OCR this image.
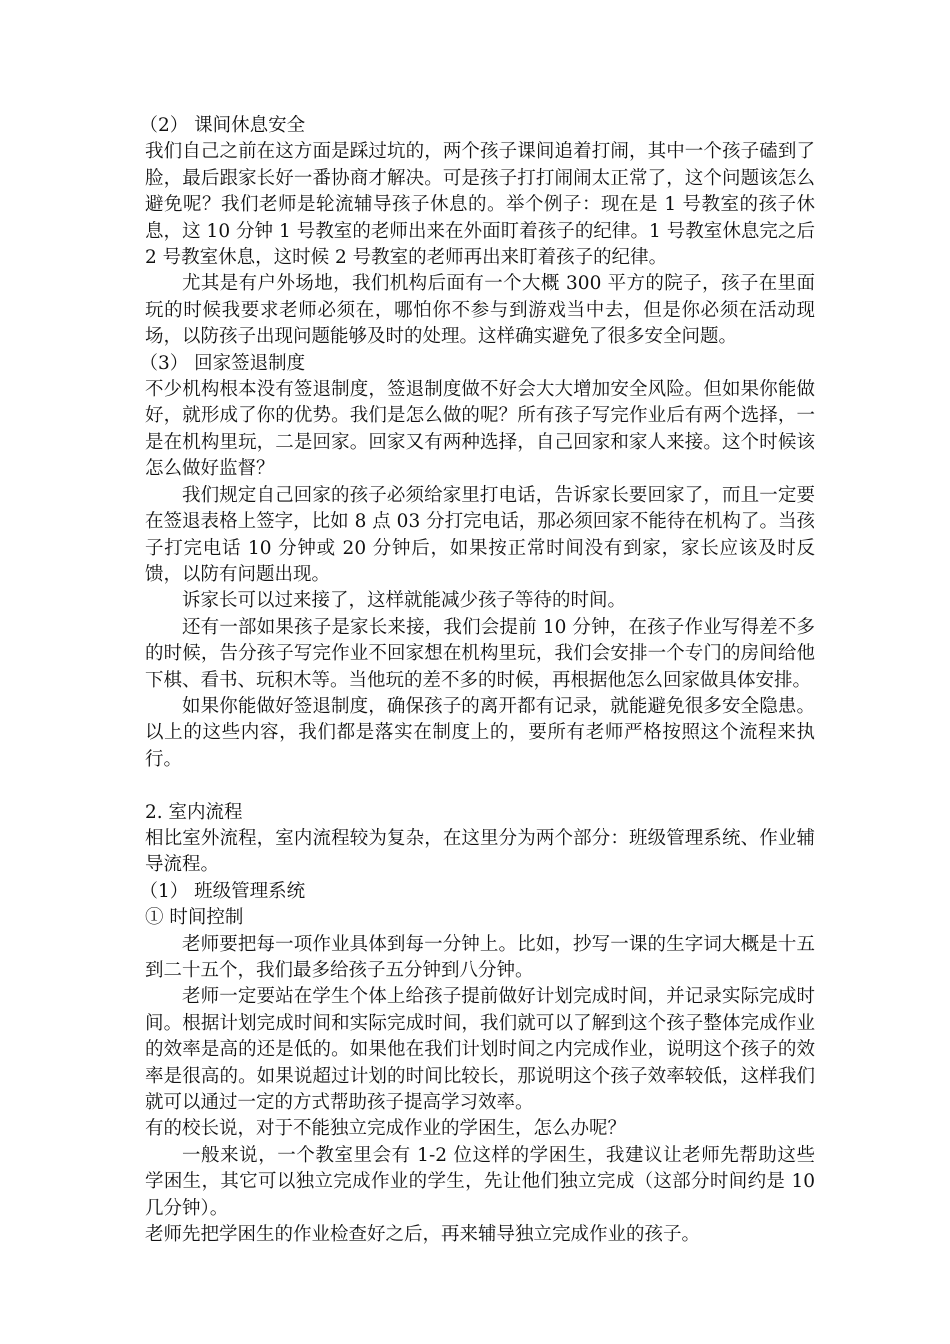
（2） 课间休息安全

我们自己之前在这方面是踩过坑的，两个孩子课间追着打闹，其中一个孩子磕到了脸，最后跟家长好一番协商才解决。可是孩子打打闹闹太正常了，这个问题该怎么避免呢？我们老师是轮流辅导孩子休息的。举个例子：现在是 1 号教室的孩子休息，这 10 分钟 1 号教室的老师出来在外面盯着孩子的纪律。1 号教室休息完之后 2 号教室休息，这时候 2 号教室的老师再出来盯着孩子的纪律。

尤其是有户外场地，我们机构后面有一个大概 300 平方的院子，孩子在里面玩的时候我要求老师必须在，哪怕你不参与到游戏当中去，但是你必须在活动现场，以防孩子出现问题能够及时的处理。这样确实避免了很多安全问题。

（3） 回家签退制度

不少机构根本没有签退制度，签退制度做不好会大大增加安全风险。但如果你能做好，就形成了你的优势。我们是怎么做的呢？所有孩子写完作业后有两个选择，一是在机构里玩，二是回家。回家又有两种选择，自己回家和家人来接。这个时候该怎么做好监督？

我们规定自己回家的孩子必须给家里打电话，告诉家长要回家了，而且一定要在签退表格上签字，比如 8 点 03 分打完电话，那必须回家不能待在机构了。当孩子打完电话 10 分钟或 20 分钟后，如果按正常时间没有到家，家长应该及时反馈，以防有问题出现。

诉家长可以过来接了，这样就能减少孩子等待的时间。

还有一部如果孩子是家长来接，我们会提前 10 分钟，在孩子作业写得差不多的时候，告分孩子写完作业不回家想在机构里玩，我们会安排一个专门的房间给他下棋、看书、玩积木等。当他玩的差不多的时候，再根据他怎么回家做具体安排。

如果你能做好签退制度，确保孩子的离开都有记录，就能避免很多安全隐患。以上的这些内容，我们都是落实在制度上的，要所有老师严格按照这个流程来执行。

2. 室内流程

相比室外流程，室内流程较为复杂，在这里分为两个部分：班级管理系统、作业辅导流程。

（1） 班级管理系统

① 时间控制

老师要把每一项作业具体到每一分钟上。比如，抄写一课的生字词大概是十五到二十五个，我们最多给孩子五分钟到八分钟。

老师一定要站在学生个体上给孩子提前做好计划完成时间，并记录实际完成时间。根据计划完成时间和实际完成时间，我们就可以了解到这个孩子整体完成作业的效率是高的还是低的。如果他在我们计划时间之内完成作业，说明这个孩子的效率是很高的。如果说超过计划的时间比较长，那说明这个孩子效率较低，这样我们就可以通过一定的方式帮助孩子提高学习效率。

有的校长说，对于不能独立完成作业的学困生，怎么办呢？

一般来说，一个教室里会有 1-2 位这样的学困生，我建议让老师先帮助这些学困生，其它可以独立完成作业的学生，先让他们独立完成（这部分时间约是 10 几分钟）。

老师先把学困生的作业检查好之后，再来辅导独立完成作业的孩子。
